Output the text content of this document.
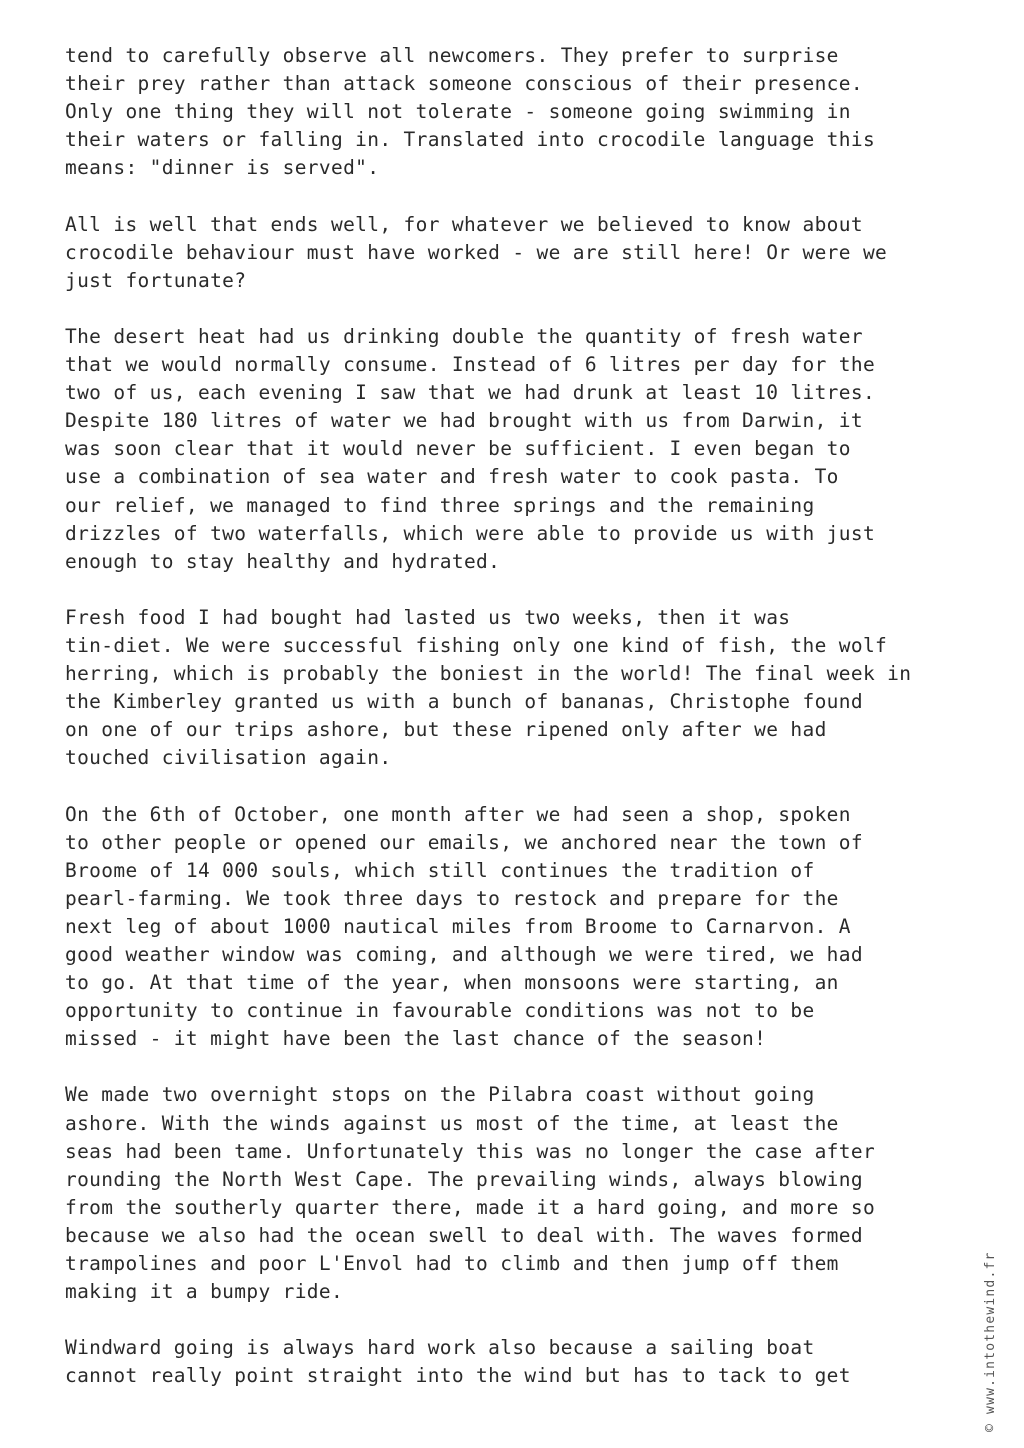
tend to carefully observe all newcomers. They prefer to surprise
their prey rather than attack someone conscious of their presence.
Only one thing they will not tolerate - someone going swimming in
their waters or falling in. Translated into crocodile language this
means: "dinner is served".
All is well that ends well, for whatever we believed to know about
crocodile behaviour must have worked - we are still here! Or were we
just fortunate?
The desert heat had us drinking double the quantity of fresh water
that we would normally consume. Instead of 6 litres per day for the
two of us, each evening I saw that we had drunk at least 10 litres.
Despite 180 litres of water we had brought with us from Darwin, it
was soon clear that it would never be sufficient. I even began to
use a combination of sea water and fresh water to cook pasta. To
our relief, we managed to find three springs and the remaining
drizzles of two waterfalls, which were able to provide us with just
enough to stay healthy and hydrated.
Fresh food I had bought had lasted us two weeks, then it was
tin-diet. We were successful fishing only one kind of fish, the wolf
herring, which is probably the boniest in the world! The final week in
the Kimberley granted us with a bunch of bananas, Christophe found
on one of our trips ashore, but these ripened only after we had
touched civilisation again.
On the 6th of October, one month after we had seen a shop, spoken
to other people or opened our emails, we anchored near the town of
Broome of 14 000 souls, which still continues the tradition of
pearl-farming. We took three days to restock and prepare for the
next leg of about 1000 nautical miles from Broome to Carnarvon. A
good weather window was coming, and although we were tired, we had
to go. At that time of the year, when monsoons were starting, an
opportunity to continue in favourable conditions was not to be
missed - it might have been the last chance of the season!
We made two overnight stops on the Pilabra coast without going
ashore. With the winds against us most of the time, at least the
seas had been tame. Unfortunately this was no longer the case after
rounding the North West Cape. The prevailing winds, always blowing
from the southerly quarter there, made it a hard going, and more so
because we also had the ocean swell to deal with. The waves formed
trampolines and poor L'Envol had to climb and then jump off them
making it a bumpy ride.
Windward going is always hard work also because a sailing boat
cannot really point straight into the wind but has to tack to get	© www.intothewind.fr
